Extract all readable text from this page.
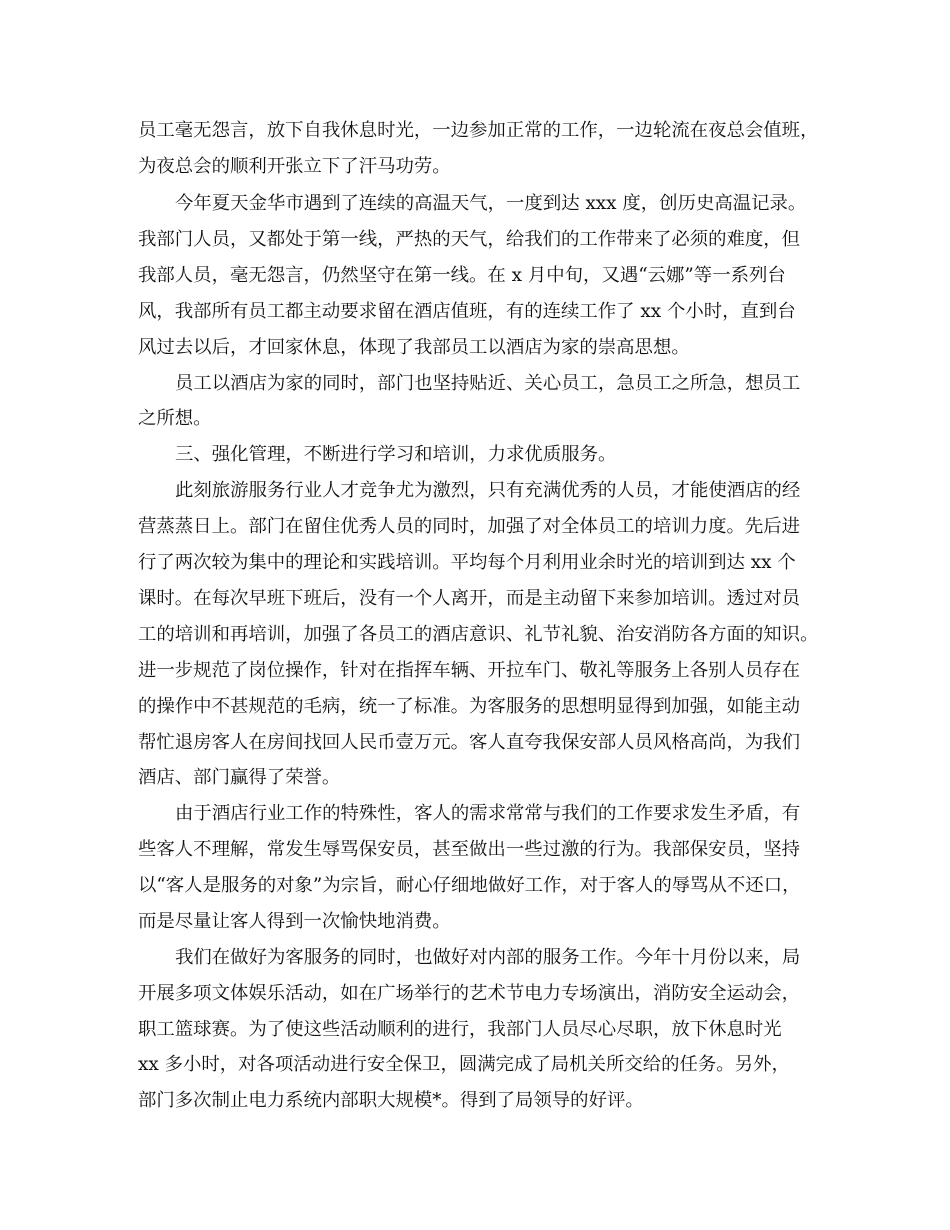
员工毫无怨言，放下自我休息时光，一边参加正常的工作，一边轮流在夜总会值班，

为夜总会的顺利开张立下了汗马功劳。

今年夏天金华市遇到了连续的高温天气，一度到达 xxx 度，创历史高温记录。

我部门人员，又都处于第一线，严热的天气，给我们的工作带来了必须的难度，但

我部人员，毫无怨言，仍然坚守在第一线。在 x 月中旬，又遇“云娜”等一系列台

风，我部所有员工都主动要求留在酒店值班，有的连续工作了 xx 个小时，直到台

风过去以后，才回家休息，体现了我部员工以酒店为家的崇高思想。

员工以酒店为家的同时，部门也坚持贴近、关心员工，急员工之所急，想员工

之所想。

三、强化管理，不断进行学习和培训，力求优质服务。

此刻旅游服务行业人才竞争尤为激烈，只有充满优秀的人员，才能使酒店的经

营蒸蒸日上。部门在留住优秀人员的同时，加强了对全体员工的培训力度。先后进

行了两次较为集中的理论和实践培训。平均每个月利用业余时光的培训到达 xx 个

课时。在每次早班下班后，没有一个人离开，而是主动留下来参加培训。透过对员

工的培训和再培训，加强了各员工的酒店意识、礼节礼貌、治安消防各方面的知识。

进一步规范了岗位操作，针对在指挥车辆、开拉车门、敬礼等服务上各别人员存在

的操作中不甚规范的毛病，统一了标准。为客服务的思想明显得到加强，如能主动

帮忙退房客人在房间找回人民币壹万元。客人直夸我保安部人员风格高尚，为我们

酒店、部门赢得了荣誉。

由于酒店行业工作的特殊性，客人的需求常常与我们的工作要求发生矛盾，有

些客人不理解，常发生辱骂保安员，甚至做出一些过激的行为。我部保安员，坚持

以“客人是服务的对象”为宗旨，耐心仔细地做好工作，对于客人的辱骂从不还口，

而是尽量让客人得到一次愉快地消费。

我们在做好为客服务的同时，也做好对内部的服务工作。今年十月份以来，局

开展多项文体娱乐活动，如在广场举行的艺术节电力专场演出，消防安全运动会，

职工篮球赛。为了使这些活动顺利的进行，我部门人员尽心尽职，放下休息时光

xx 多小时，对各项活动进行安全保卫，圆满完成了局机关所交给的任务。另外，

部门多次制止电力系统内部职大规模*。得到了局领导的好评。
